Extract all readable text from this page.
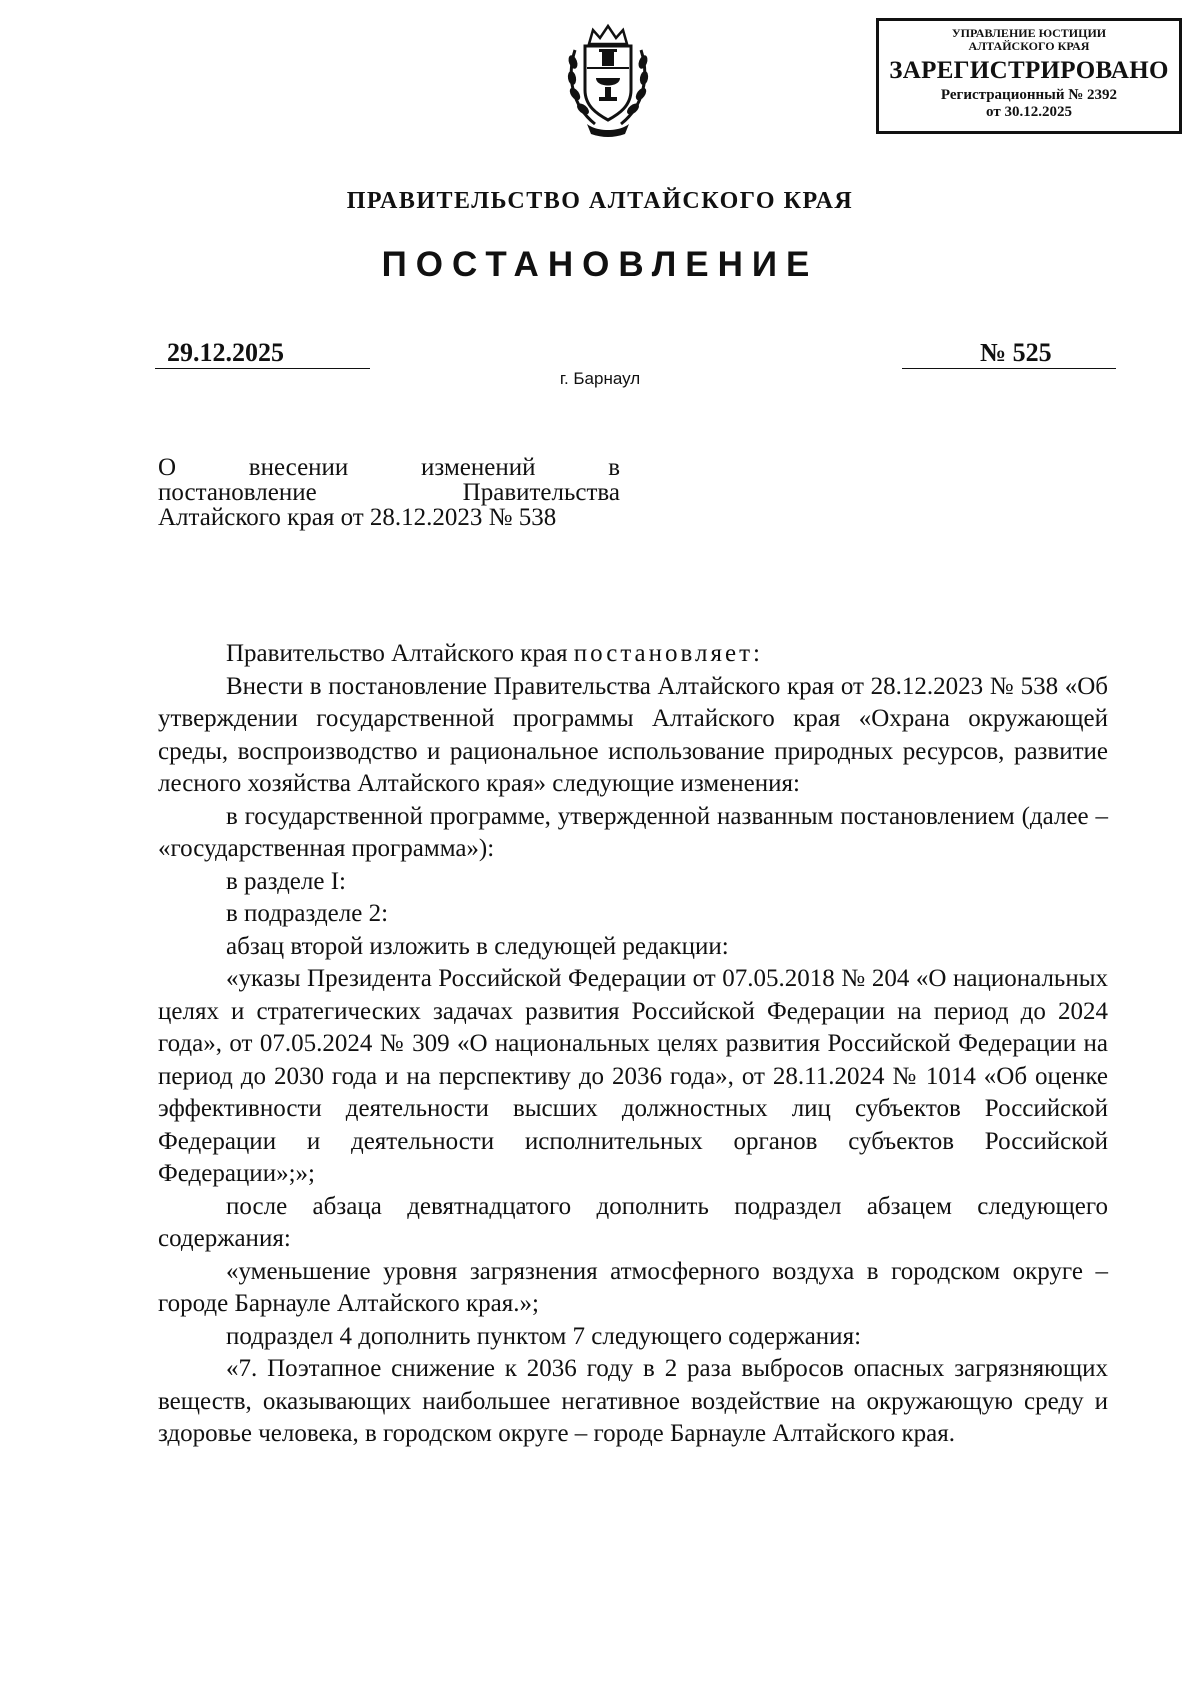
УПРАВЛЕНИЕ ЮСТИЦИИ
АЛТАЙСКОГО КРАЯ
ЗАРЕГИСТРИРОВАНО
Регистрационный № 2392
от 30.12.2025
ПРАВИТЕЛЬСТВО АЛТАЙСКОГО КРАЯ
ПОСТАНОВЛЕНИЕ
29.12.2025	№ 525
г. Барнаул
О внесении изменений в
постановление Правительства
Алтайского края от 28.12.2023 № 538

Правительство Алтайского края постановляет:

Внести в постановление Правительства Алтайского края от 28.12.2023 № 538 «Об утверждении государственной программы Алтайского края «Охрана окружающей среды, воспроизводство и рациональное использование природных ресурсов, развитие лесного хозяйства Алтайского края» следующие изменения:

в государственной программе, утвержденной названным постановлением (далее – «государственная программа»):

в разделе I:

в подразделе 2:

абзац второй изложить в следующей редакции:

«указы Президента Российской Федерации от 07.05.2018 № 204 «О национальных целях и стратегических задачах развития Российской Федерации на период до 2024 года», от 07.05.2024 № 309 «О национальных целях развития Российской Федерации на период до 2030 года и на перспективу до 2036 года», от 28.11.2024 № 1014 «Об оценке эффективности деятельности высших должностных лиц субъектов Российской Федерации и деятельности исполнительных органов субъектов Российской Федерации»;»;

после абзаца девятнадцатого дополнить подраздел абзацем следующего содержания:

«уменьшение уровня загрязнения атмосферного воздуха в городском округе – городе Барнауле Алтайского края.»;

подраздел 4 дополнить пунктом 7 следующего содержания:

«7. Поэтапное снижение к 2036 году в 2 раза выбросов опасных загрязняющих веществ, оказывающих наибольшее негативное воздействие на окружающую среду и здоровье человека, в городском округе – городе Барнауле Алтайского края.
